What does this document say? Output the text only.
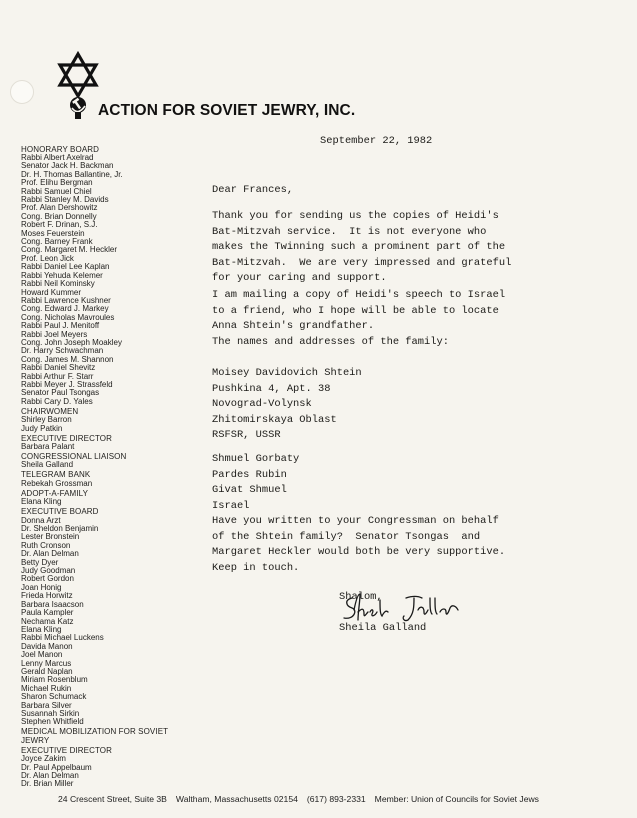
ACTION FOR SOVIET JEWRY, INC.
HONORARY BOARD
Rabbi Albert Axelrad
Senator Jack H. Backman
Dr. H. Thomas Ballantine, Jr.
Prof. Elihu Bergman
Rabbi Samuel Chiel
Rabbi Stanley M. Davids
Prof. Alan Dershowitz
Cong. Brian Donnelly
Robert F. Drinan, S.J.
Moses Feuerstein
Cong. Barney Frank
Cong. Margaret M. Heckler
Prof. Leon Jick
Rabbi Daniel Lee Kaplan
Rabbi Yehuda Kelemer
Rabbi Neil Kominsky
Howard Kummer
Rabbi Lawrence Kushner
Cong. Edward J. Markey
Cong. Nicholas Mavroules
Rabbi Paul J. Menitoff
Rabbi Joel Meyers
Cong. John Joseph Moakley
Dr. Harry Schwachman
Cong. James M. Shannon
Rabbi Daniel Shevitz
Rabbi Arthur F. Starr
Rabbi Meyer J. Strassfeld
Senator Paul Tsongas
Rabbi Cary D. Yales
CHAIRWOMEN
Shirley Barron
Judy Patkin
EXECUTIVE DIRECTOR
Barbara Palant
CONGRESSIONAL LIAISON
Sheila Galland
TELEGRAM BANK
Rebekah Grossman
ADOPT-A-FAMILY
Elana Kling
EXECUTIVE BOARD
Donna Arzt
Dr. Sheldon Benjamin
Lester Bronstein
Ruth Cronson
Dr. Alan Delman
Betty Dyer
Judy Goodman
Robert Gordon
Joan Honig
Frieda Horwitz
Barbara Isaacson
Paula Kampler
Nechama Katz
Elana Kling
Rabbi Michael Luckens
Davida Manon
Joel Manon
Lenny Marcus
Gerald Naplan
Miriam Rosenblum
Michael Rukin
Sharon Schumack
Barbara Silver
Susannah Sirkin
Stephen Whitfield
MEDICAL MOBILIZATION FOR SOVIET JEWRY
EXECUTIVE DIRECTOR
Joyce Zakim
Dr. Paul Appelbaum
Dr. Alan Delman
Dr. Brian Miller
September 22, 1982
Dear Frances,
Thank you for sending us the copies of Heidi's
Bat-Mitzvah service.  It is not everyone who
makes the Twinning such a prominent part of the
Bat-Mitzvah.  We are very impressed and grateful
for your caring and support.
I am mailing a copy of Heidi's speech to Israel
to a friend, who I hope will be able to locate
Anna Shtein's grandfather.
The names and addresses of the family:
Moisey Davidovich Shtein
Pushkina 4, Apt. 38
Novograd-Volynsk
Zhitomirskaya Oblast
RSFSR, USSR
Shmuel Gorbaty
Pardes Rubin
Givat Shmuel
Israel
Have you written to your Congressman on behalf
of the Shtein family?  Senator Tsongas  and
Margaret Heckler would both be very supportive.
Keep in touch.
Shalom,
Sheila Galland
24 Crescent Street, Suite 3B Waltham, Massachusetts 02154 (617) 893-2331 Member: Union of Councils for Soviet Jews
